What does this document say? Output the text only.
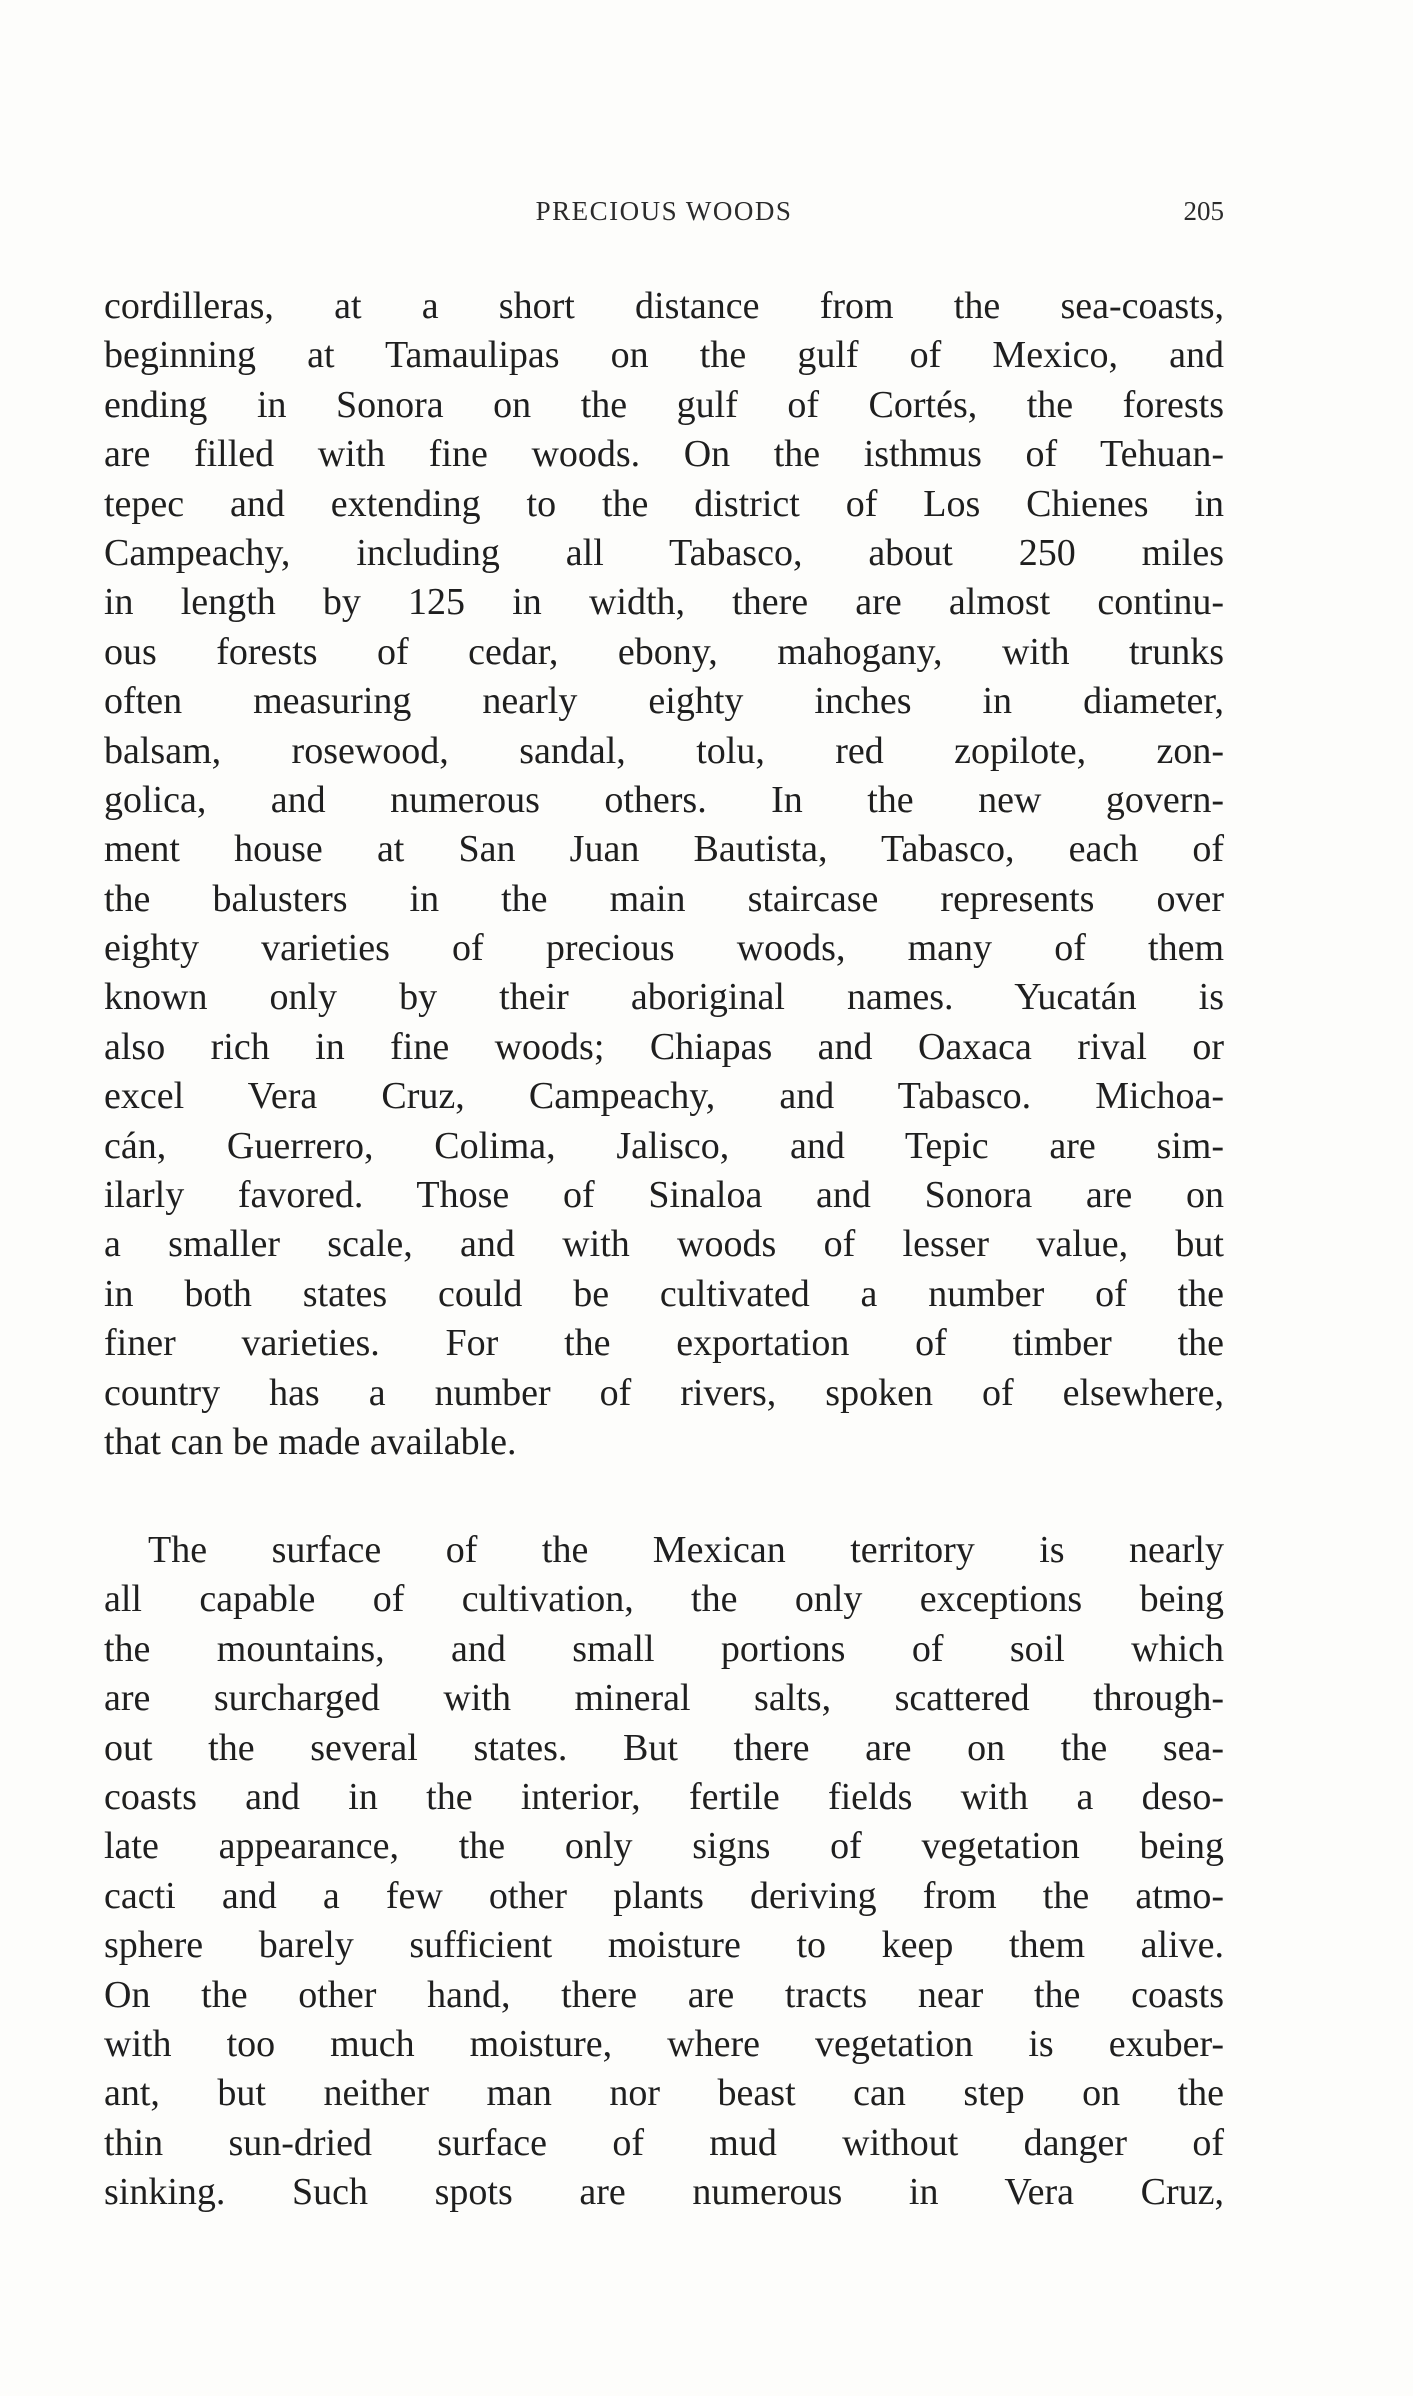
PRECIOUS WOODS	205
cordilleras, at a short distance from the sea-coasts,
beginning at Tamaulipas on the gulf of Mexico, and
ending in Sonora on the gulf of Cortés, the forests
are filled with fine woods. On the isthmus of Tehuan-
tepec and extending to the district of Los Chienes in
Campeachy, including all Tabasco, about 250 miles
in length by 125 in width, there are almost continu-
ous forests of cedar, ebony, mahogany, with trunks
often measuring nearly eighty inches in diameter,
balsam, rosewood, sandal, tolu, red zopilote, zon-
golica, and numerous others. In the new govern-
ment house at San Juan Bautista, Tabasco, each of
the balusters in the main staircase represents over
eighty varieties of precious woods, many of them
known only by their aboriginal names. Yucatán is
also rich in fine woods; Chiapas and Oaxaca rival or
excel Vera Cruz, Campeachy, and Tabasco. Michoa-
cán, Guerrero, Colima, Jalisco, and Tepic are sim-
ilarly favored. Those of Sinaloa and Sonora are on
a smaller scale, and with woods of lesser value, but
in both states could be cultivated a number of the
finer varieties. For the exportation of timber the
country has a number of rivers, spoken of elsewhere,
that can be made available.
The surface of the Mexican territory is nearly
all capable of cultivation, the only exceptions being
the mountains, and small portions of soil which
are surcharged with mineral salts, scattered through-
out the several states. But there are on the sea-
coasts and in the interior, fertile fields with a deso-
late appearance, the only signs of vegetation being
cacti and a few other plants deriving from the atmo-
sphere barely sufficient moisture to keep them alive.
On the other hand, there are tracts near the coasts
with too much moisture, where vegetation is exuber-
ant, but neither man nor beast can step on the
thin sun-dried surface of mud without danger of
sinking. Such spots are numerous in Vera Cruz,
